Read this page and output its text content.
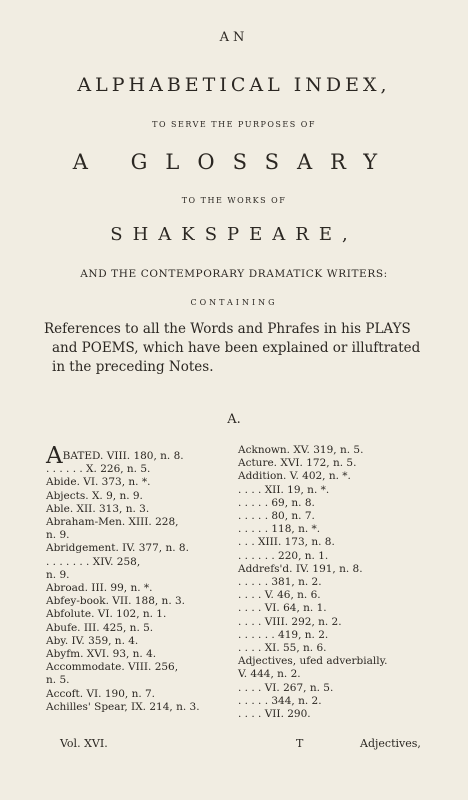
AN
ALPHABETICAL INDEX,
TO SERVE THE PURPOSES OF
A GLOSSARY
TO THE WORKS OF
SHAKSPEARE,
AND THE CONTEMPORARY DRAMATICK WRITERS:
CONTAINING
References to all the Words and Phrafes in his PLAYS
and POEMS, which have been explained or illuftrated
in the preceding Notes.
A.
ABATED. VIII. 180, n. 8.
. . . . . . X. 226, n. 5.
Abide. VI. 373, n. *.
Abjects. X. 9, n. 9.
Able. XII. 313, n. 3.
Abraham-Men. XIII. 228,
n. 9.
Abridgement. IV. 377, n. 8.
. . . . . . . XIV. 258,
n. 9.
Abroad. III. 99, n. *.
Abfey-book. VII. 188, n. 3.
Abfolute. VI. 102, n. 1.
Abufe. III. 425, n. 5.
Aby. IV. 359, n. 4.
Abyfm. XVI. 93, n. 4.
Accommodate. VIII. 256,
n. 5.
Accoft. VI. 190, n. 7.
Achilles' Spear, IX. 214, n. 3.
Acknown. XV. 319, n. 5.
Acture. XVI. 172, n. 5.
Addition. V. 402, n. *.
. . . . XII. 19, n. *.
. . . . . 69, n. 8.
. . . . . 80, n. 7.
. . . . . 118, n. *.
. . . XIII. 173, n. 8.
. . . . . . 220, n. 1.
Addrefs'd. IV. 191, n. 8.
. . . . . 381, n. 2.
. . . . V. 46, n. 6.
. . . . VI. 64, n. 1.
. . . . VIII. 292, n. 2.
. . . . . . 419, n. 2.
. . . . XI. 55, n. 6.
Adjectives, ufed adverbially.
V. 444, n. 2.
. . . . VI. 267, n. 5.
. . . . . 344, n. 2.
. . . . VII. 290.
Vol. XVI.	T	Adjectives,
